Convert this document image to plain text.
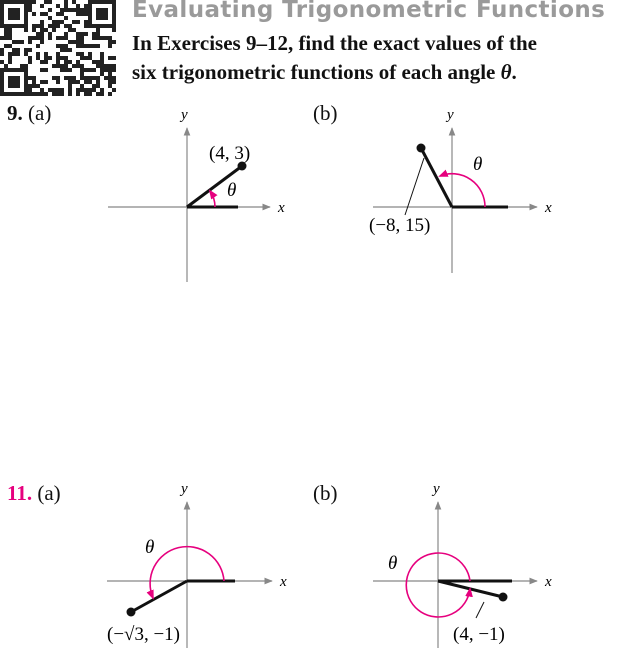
Evaluating Trigonometric Functions
In Exercises 9–12, find the exact values of the
six trigonometric functions of each angle θ.
9. (a)	(b)
11. (a)	(b)
θ
(4, 3)
x
y
θ
(−8, 15)
x
y
θ
(−√3, −1)
x
y
θ
(4, −1)
x
y
